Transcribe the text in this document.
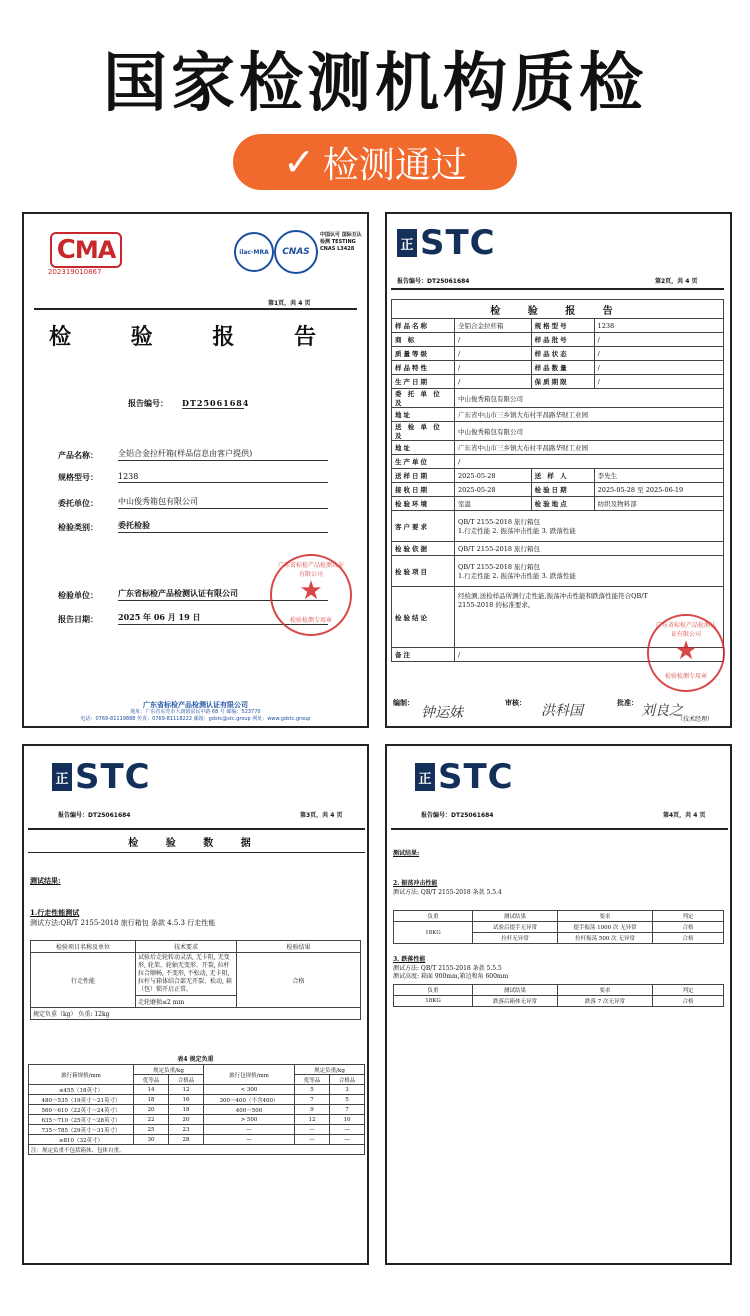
国家检测机构质检
✓ 检测通过
C MA
202319010867
ilac-MRA	CNAS
中国认可 国际互认 检测 TESTING CNAS L3428
第1页，共 4 页
检 验 报 告
报告编号： DT25061684
产品名称：	全铝合金拉杆箱(样品信息由客户提供)
规格型号：	1238
委托单位：	中山俊秀箱包有限公司
检验类别：	委托检验
检验单位：	广东省标检产品检测认证有限公司
报告日期：	2025 年 06 月 19 日
广东省标检产品检测认证有限公司
★
检验检测专用章
广东省标检产品检测认证有限公司
地址：广东省东莞市大朗镇富民中路 68 号 邮编：523770
电话：0769-81119888 传真：0769-81118222 邮箱：gdstc@stc.group 网址：www.gdstc.group
正 STC
报告编号：DT25061684	第2页，共 4 页
检 验 报 告			
样品名称	全铝合金拉杆箱	规格型号	1238
商 标	/	样品批号	/
质量等级	/	样品状态	/
样品特性	/	样品数量	/
生产日期	/	保质期限	/
委 托 单 位 及	中山俊秀箱包有限公司		
地址	广东省中山市三乡镇大布村平昌路华财工业园		
送 检 单 位 及	中山俊秀箱包有限公司		
地址	广东省中山市三乡镇大布村平昌路华财工业园		
生产单位	/		
送样日期	2025-05-28	送 样 人	李先生
接收日期	2025-05-28	检验日期	2025-05-28 至 2025-06-19
检验环境	室温	检验地点	纺织及物料部
客户要求	QB/T 2155-2018 旅行箱包
1.行走性能 2. 振荡冲击性能 3. 跌落性能		

检验依据	QB/T 2155-2018 旅行箱包		
检验项目	QB/T 2155-2018 旅行箱包
1.行走性能 2. 振荡冲击性能 3. 跌落性能		

检验结论	经检测,送检样品所测行走性能,振荡冲击性能和跌落性能符合QB/T 2155-2018 的标准要求。		
备注	/		
广东省标检产品检测认证有限公司
★
检验检测专用章
编制：
钟运妹
审核：
洪科国
批准：
刘良之
（技术经理）
正 STC
报告编号：DT25061684	第3页，共 4 页
检 验 数 据
测试结果:
1.行走性能测试
测试方法:QB/T 2155-2018 旅行箱包 条款 4.5.3 行走性能
检验项目名称及单位	技术要求	检验结果
行走性能	试验后走轮转动灵活, 无卡阻, 无变形, 轮架、轮轴无变形、开裂, 拉杆拉合顺畅, 不变形, 不松动, 无卡阻, 拉杆与箱体结合部无开裂、松动, 箱（包）锁开启正常。	合格
	走轮磨损≤2 mm	
规定负重（kg） 负重: 12kg		
表4 规定负重
旅行箱规格/mm	规定负重/kg		旅行包规格/mm	规定负重/kg	
	优等品	合格品		优等品	合格品
≤455（18英寸）	14	12	< 300	5	3
480～535（19英寸～21英寸）	18	16	300～400（不含400）	7	5
560～610（22英寸～24英寸）	20	18	400～500	9	7
635～710（25英寸～28英寸）	22	20	> 500	12	10
735～785（29英寸～31英寸）	25	23	—	—	—
≥810（32英寸）	30	28	—	—	—
注：规定负重不包括箱体、包体自重。					
正 STC
报告编号：DT25061684	第4页，共 4 页
测试结果:
2. 振荡冲击性能
测试方法: QB/T 2155-2018 条款 5.5.4
负重	测试结果	要求	判定
18KG	试验后提手无异常	提手振荡 1000 次 无异常	合格
	拉杆无异常	拉杆振荡 500 次 无异常	合格
3. 跌落性能
测试方法: QB/T 2155-2018 条款 5.5.5
测试高度: 箱面 900mm,箱边和角 600mm
负重	测试结果	要求	判定
18KG	跌落后箱体无异常	跌落 7 次无异常	合格
